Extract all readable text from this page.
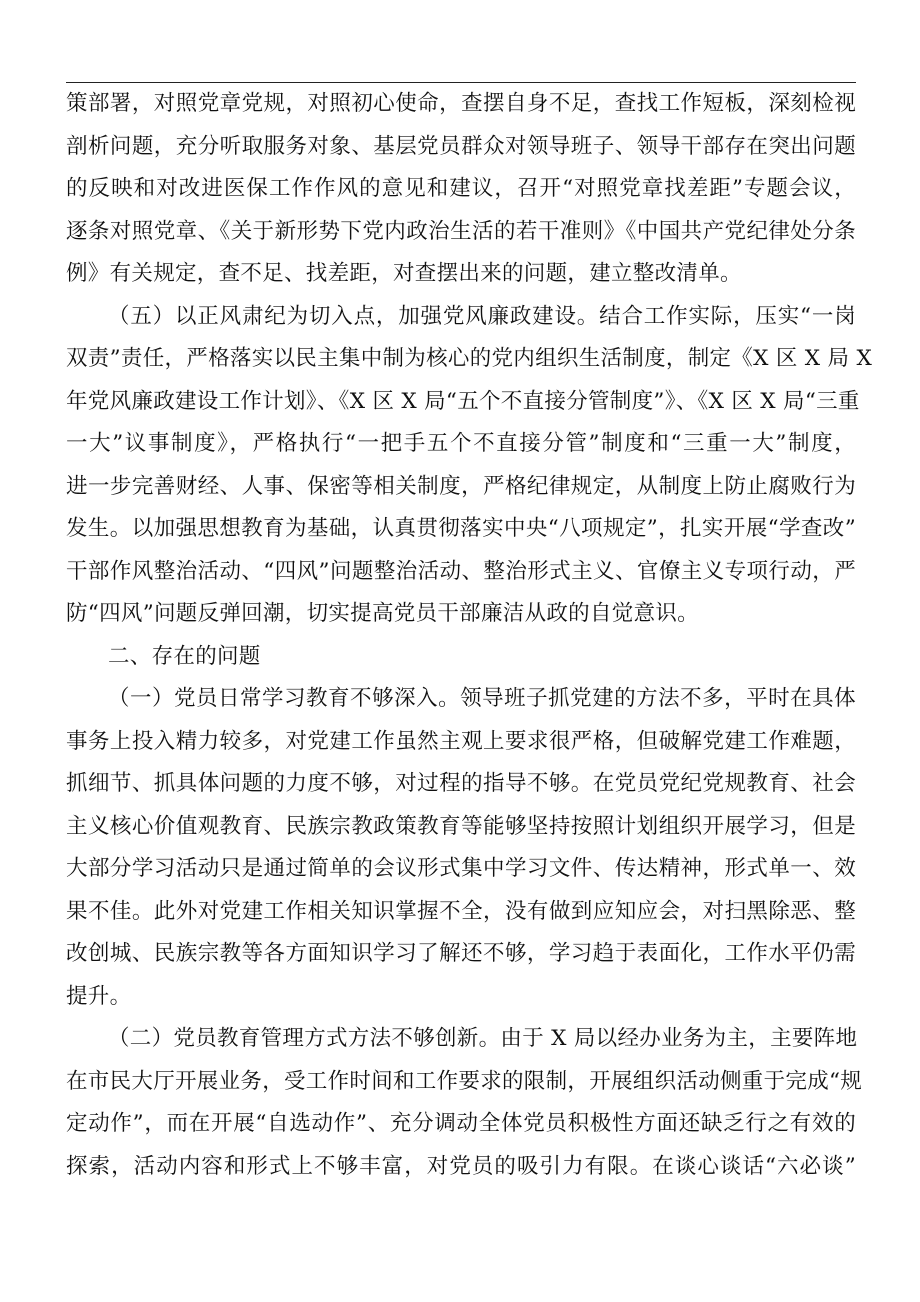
策部署，对照党章党规，对照初心使命，查摆自身不足，查找工作短板，深刻检视
剖析问题，充分听取服务对象、基层党员群众对领导班子、领导干部存在突出问题
的反映和对改进医保工作作风的意见和建议，召开“对照党章找差距”专题会议，
逐条对照党章、《关于新形势下党内政治生活的若干准则》《中国共产党纪律处分条
例》有关规定，查不足、找差距，对查摆出来的问题，建立整改清单。
（五）以正风肃纪为切入点，加强党风廉政建设。结合工作实际，压实“一岗
双责”责任，严格落实以民主集中制为核心的党内组织生活制度，制定《X 区 X 局 X
年党风廉政建设工作计划》、《X 区 X 局“五个不直接分管制度”》、《X 区 X 局“三重
一大”议事制度》，严格执行“一把手五个不直接分管”制度和“三重一大”制度，
进一步完善财经、人事、保密等相关制度，严格纪律规定，从制度上防止腐败行为
发生。以加强思想教育为基础，认真贯彻落实中央“八项规定”，扎实开展“学查改”
干部作风整治活动、“四风”问题整治活动、整治形式主义、官僚主义专项行动，严
防“四风”问题反弹回潮，切实提高党员干部廉洁从政的自觉意识。
二、存在的问题
（一）党员日常学习教育不够深入。领导班子抓党建的方法不多，平时在具体
事务上投入精力较多，对党建工作虽然主观上要求很严格，但破解党建工作难题，
抓细节、抓具体问题的力度不够，对过程的指导不够。在党员党纪党规教育、社会
主义核心价值观教育、民族宗教政策教育等能够坚持按照计划组织开展学习，但是
大部分学习活动只是通过简单的会议形式集中学习文件、传达精神，形式单一、效
果不佳。此外对党建工作相关知识掌握不全，没有做到应知应会，对扫黑除恶、整
改创城、民族宗教等各方面知识学习了解还不够，学习趋于表面化，工作水平仍需
提升。
（二）党员教育管理方式方法不够创新。由于 X 局以经办业务为主，主要阵地
在市民大厅开展业务，受工作时间和工作要求的限制，开展组织活动侧重于完成“规
定动作”，而在开展“自选动作”、充分调动全体党员积极性方面还缺乏行之有效的
探索，活动内容和形式上不够丰富，对党员的吸引力有限。在谈心谈话“六必谈”
